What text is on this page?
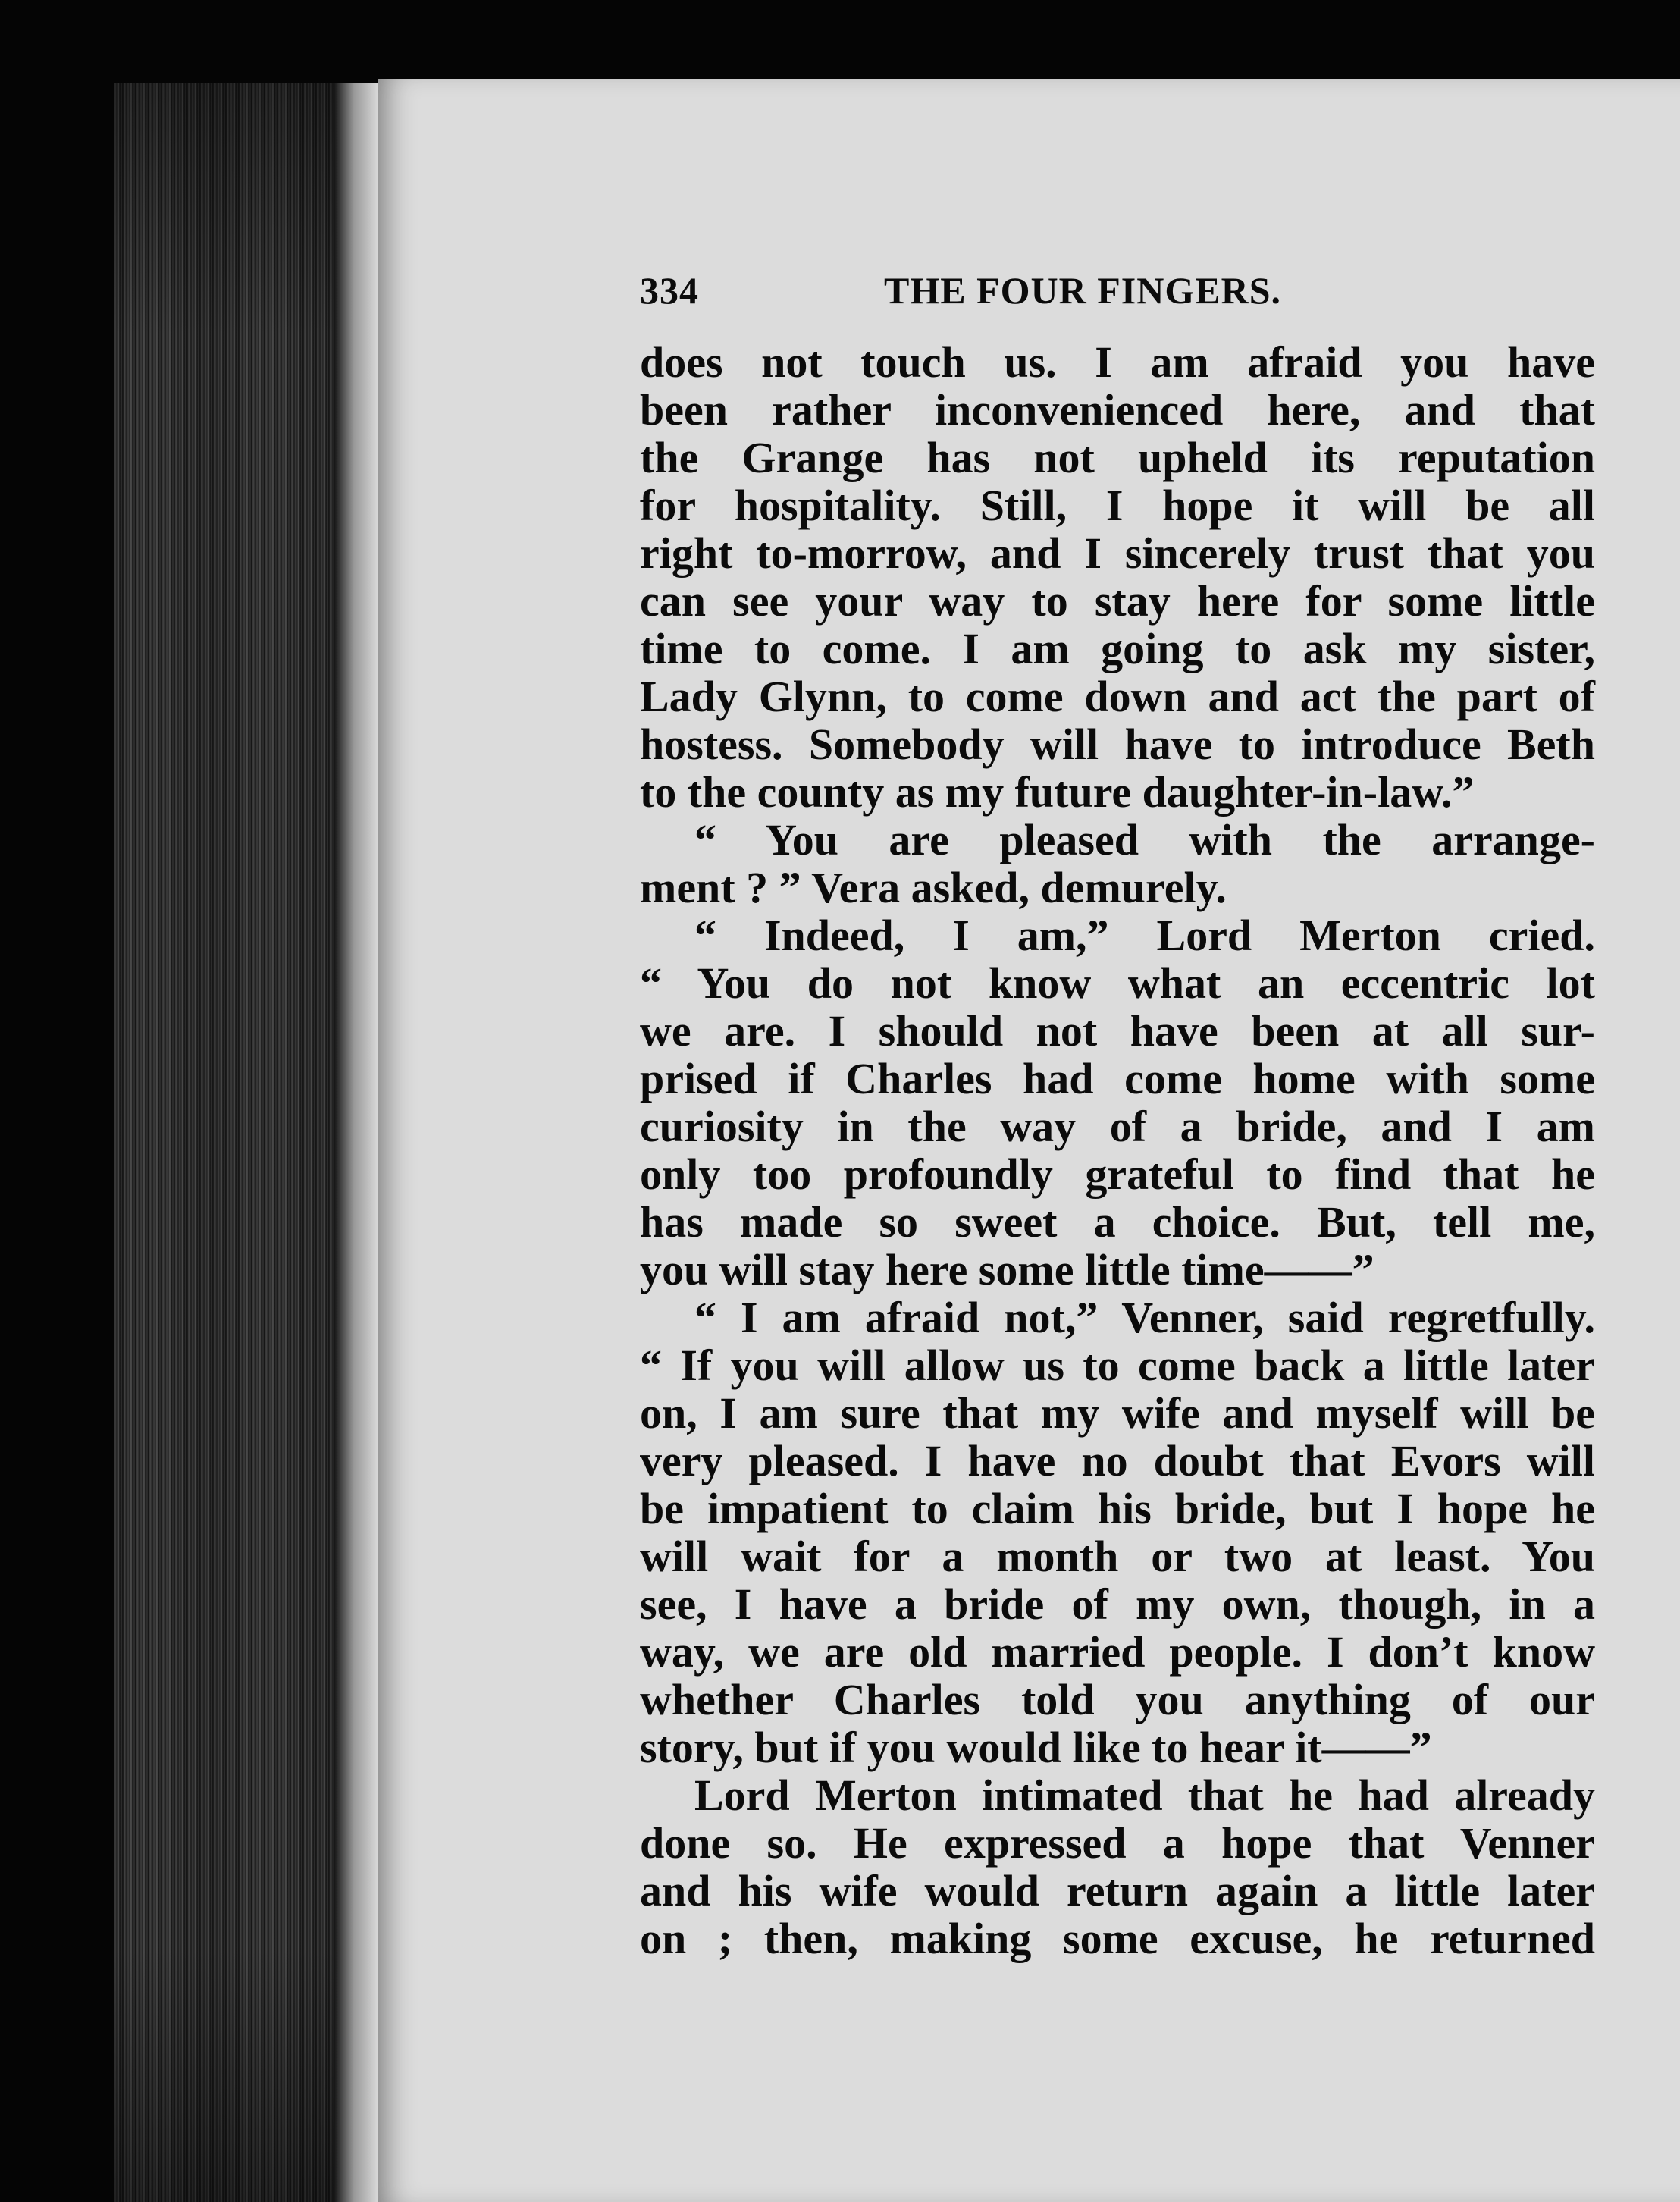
334	THE FOUR FINGERS.
does not touch us. I am afraid you have
been rather inconvenienced here, and that
the Grange has not upheld its reputation
for hospitality. Still, I hope it will be all
right to-morrow, and I sincerely trust that you
can see your way to stay here for some little
time to come. I am going to ask my sister,
Lady Glynn, to come down and act the part of
hostess. Somebody will have to introduce Beth
to the county as my future daughter-in-law.”
“ You are pleased with the arrange-
ment ? ” Vera asked, demurely.
“ Indeed, I am,” Lord Merton cried.
“ You do not know what an eccentric lot
we are. I should not have been at all sur-
prised if Charles had come home with some
curiosity in the way of a bride, and I am
only too profoundly grateful to find that he
has made so sweet a choice. But, tell me,
you will stay here some little time——”
“ I am afraid not,” Venner, said regretfully.
“ If you will allow us to come back a little later
on, I am sure that my wife and myself will be
very pleased. I have no doubt that Evors will
be impatient to claim his bride, but I hope he
will wait for a month or two at least. You
see, I have a bride of my own, though, in a
way, we are old married people. I don’t know
whether Charles told you anything of our
story, but if you would like to hear it——”
Lord Merton intimated that he had already
done so. He expressed a hope that Venner
and his wife would return again a little later
on ; then, making some excuse, he returned
